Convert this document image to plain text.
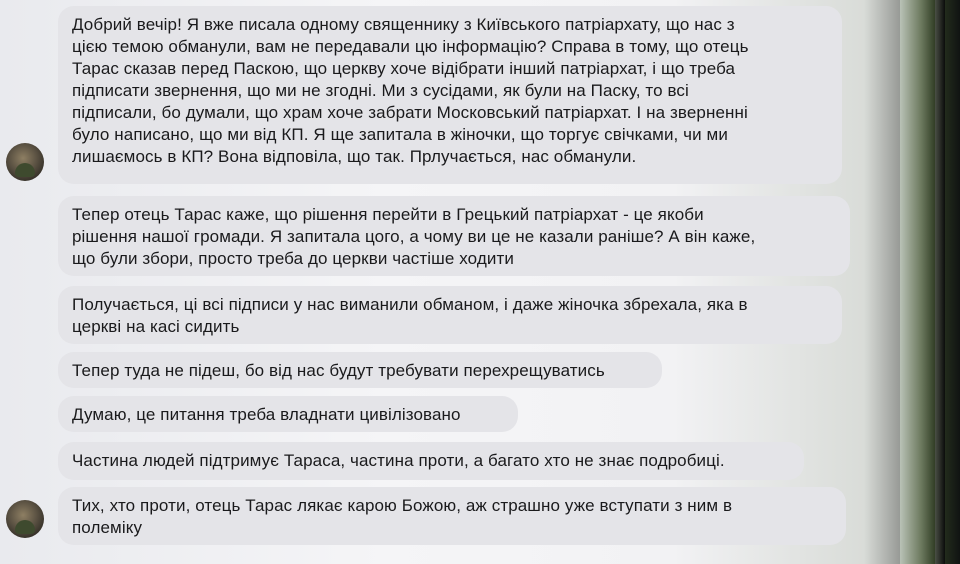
Добрий вечір! Я вже писала одному священнику з Київського патріархату, що нас з
цією темою обманули, вам не передавали цю інформацію? Справа в тому, що отець
Тарас сказав перед Паскою, що церкву хоче відібрати інший патріархат, і що треба
підписати звернення, що ми не згодні. Ми з сусідами, як були на Паску, то всі
підписали, бо думали, що храм хоче забрати Московський патріархат. І на зверненні
було написано, що ми від КП. Я ще запитала в жіночки, що торгує свічками, чи ми
лишаємось в КП? Вона відповіла, що так. Прлучається, нас обманули.
Тепер отець Тарас каже, що рішення перейти в Грецький патріархат - це якоби
рішення нашої громади. Я запитала цого, а чому ви це не казали раніше? А він каже,
що були збори, просто треба до церкви частіше ходити
Получається, ці всі підписи у нас виманили обманом, і даже жіночка збрехала, яка в
церкві на касі сидить
Тепер туда не підеш, бо від нас будут требувати перехрещуватись
Думаю, це питання треба владнати цивілізовано
Частина людей підтримує Тараса, частина проти, а багато хто не знає подробиці.
Тих, хто проти, отець Тарас лякає карою Божою, аж страшно уже вступати з ним в
полеміку
